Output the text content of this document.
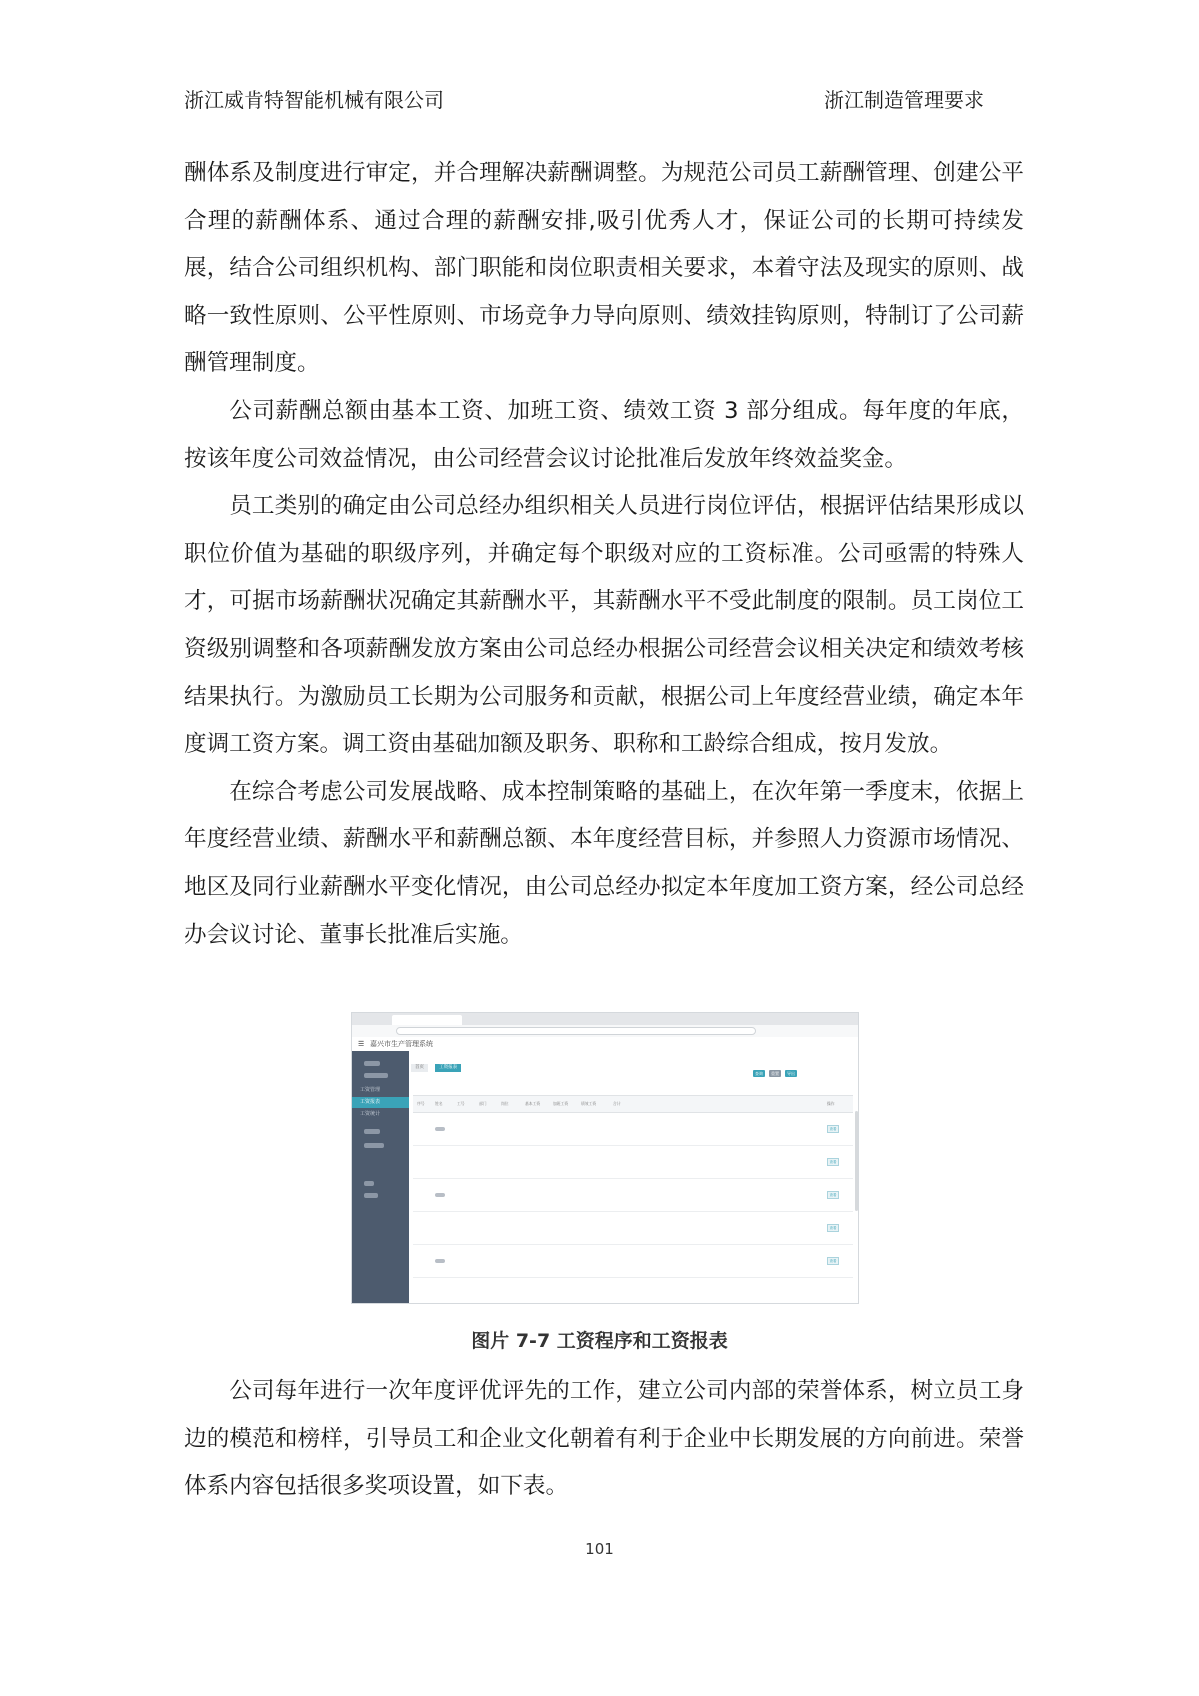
浙江威肯特智能机械有限公司	浙江制造管理要求

酬体系及制度进行审定，并合理解决薪酬调整。为规范公司员工薪酬管理、创建公平合理的薪酬体系、通过合理的薪酬安排,吸引优秀人才，保证公司的长期可持续发展，结合公司组织机构、部门职能和岗位职责相关要求，本着守法及现实的原则、战略一致性原则、公平性原则、市场竞争力导向原则、绩效挂钩原则，特制订了公司薪酬管理制度。

公司薪酬总额由基本工资、加班工资、绩效工资 3 部分组成。每年度的年底，按该年度公司效益情况，由公司经营会议讨论批准后发放年终效益奖金。

员工类别的确定由公司总经办组织相关人员进行岗位评估，根据评估结果形成以职位价值为基础的职级序列，并确定每个职级对应的工资标准。公司亟需的特殊人才，可据市场薪酬状况确定其薪酬水平，其薪酬水平不受此制度的限制。员工岗位工资级别调整和各项薪酬发放方案由公司总经办根据公司经营会议相关决定和绩效考核结果执行。为激励员工长期为公司服务和贡献，根据公司上年度经营业绩，确定本年度调工资方案。调工资由基础加额及职务、职称和工龄综合组成，按月发放。

在综合考虑公司发展战略、成本控制策略的基础上，在次年第一季度末，依据上年度经营业绩、薪酬水平和薪酬总额、本年度经营目标，并参照人力资源市场情况、地区及同行业薪酬水平变化情况，由公司总经办拟定本年度加工资方案，经公司总经办会议讨论、董事长批准后实施。

☰ 嘉兴市生产管理系统
工资管理
工资报表
工资统计
首页	工资报表
查询	重置	导出
序号	姓名	工号	部门	岗位	基本工资	加班工资	绩效工资	合计	操作
查看
查看
查看
查看
查看
图片 7-7 工资程序和工资报表

公司每年进行一次年度评优评先的工作，建立公司内部的荣誉体系，树立员工身边的模范和榜样，引导员工和企业文化朝着有利于企业中长期发展的方向前进。荣誉体系内容包括很多奖项设置，如下表。

101
